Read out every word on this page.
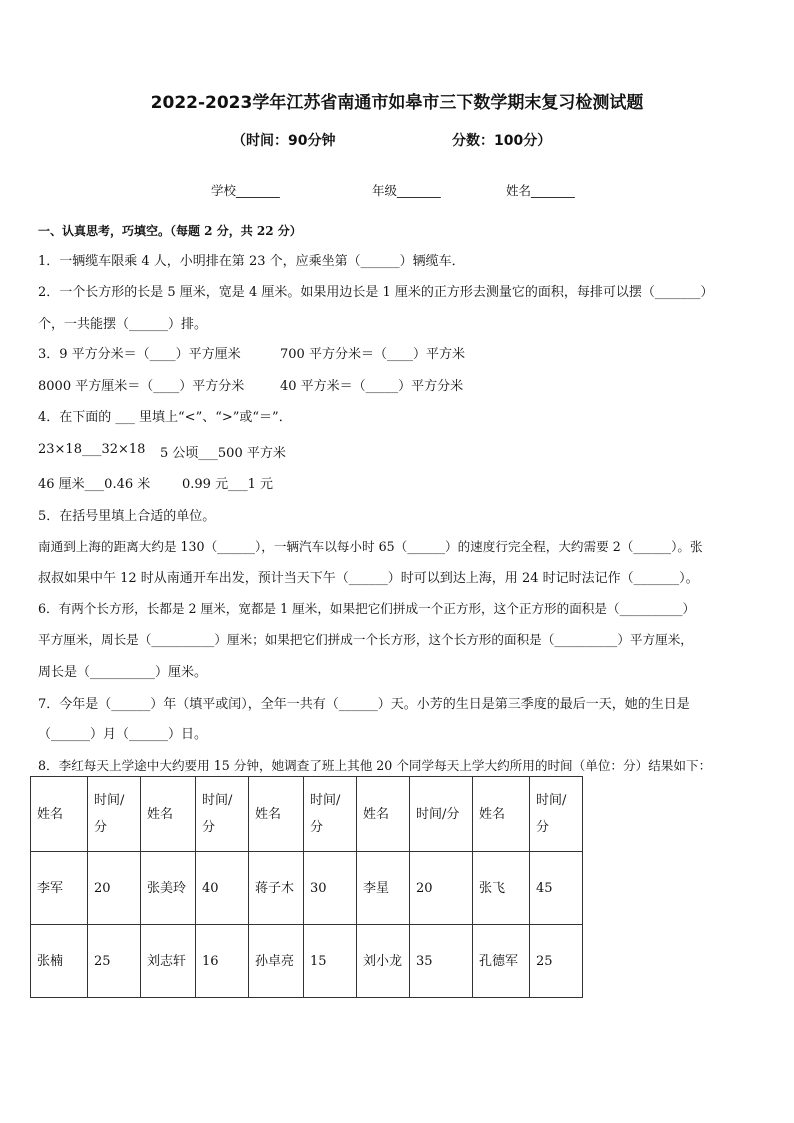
2022-2023学年江苏省南通市如皋市三下数学期末复习检测试题
（时间：90分钟	分数：100分）
学校_______	年级_______	姓名_______
一、认真思考，巧填空。（每题 2 分，共 22 分）
1．一辆缆车限乘 4 人，小明排在第 23 个，应乘坐第（______）辆缆车．
2．一个长方形的长是 5 厘米，宽是 4 厘米。如果用边长是 1 厘米的正方形去测量它的面积，每排可以摆（_______）
个，一共能摆（______）排。
3．9 平方分米＝（____）平方厘米	700 平方分米＝（____）平方米
8000 平方厘米＝（____）平方分米	40 平方米＝（_____）平方分米
4．在下面的 ___ 里填上“<”、“>”或“＝”．
23×18___32×18 5 公顷___500 平方米
46 厘米___0.46 米 0.99 元___1 元
5．在括号里填上合适的单位。
南通到上海的距离大约是 130（______），一辆汽车以每小时 65（______）的速度行完全程，大约需要 2（______）。张
叔叔如果中午 12 时从南通开车出发，预计当天下午（______）时可以到达上海，用 24 时记时法记作（_______）。
6．有两个长方形，长都是 2 厘米，宽都是 1 厘米，如果把它们拼成一个正方形，这个正方形的面积是（__________）
平方厘米，周长是（__________）厘米；如果把它们拼成一个长方形，这个长方形的面积是（__________）平方厘米，
周长是（__________）厘米。
7．今年是（______）年（填平或闰），全年一共有（______）天。小芳的生日是第三季度的最后一天，她的生日是
（______）月（______）日。
8．李红每天上学途中大约要用 15 分钟，她调查了班上其他 20 个同学每天上学大约所用的时间（单位：分）结果如下：
姓名	时间/分	姓名	时间/分	姓名	时间/分	姓名	时间/分	姓名	时间/分
李军	20	张美玲	40	蒋子木	30	李星	20	张飞	45
张楠	25	刘志轩	16	孙卓亮	15	刘小龙	35	孔德军	25
